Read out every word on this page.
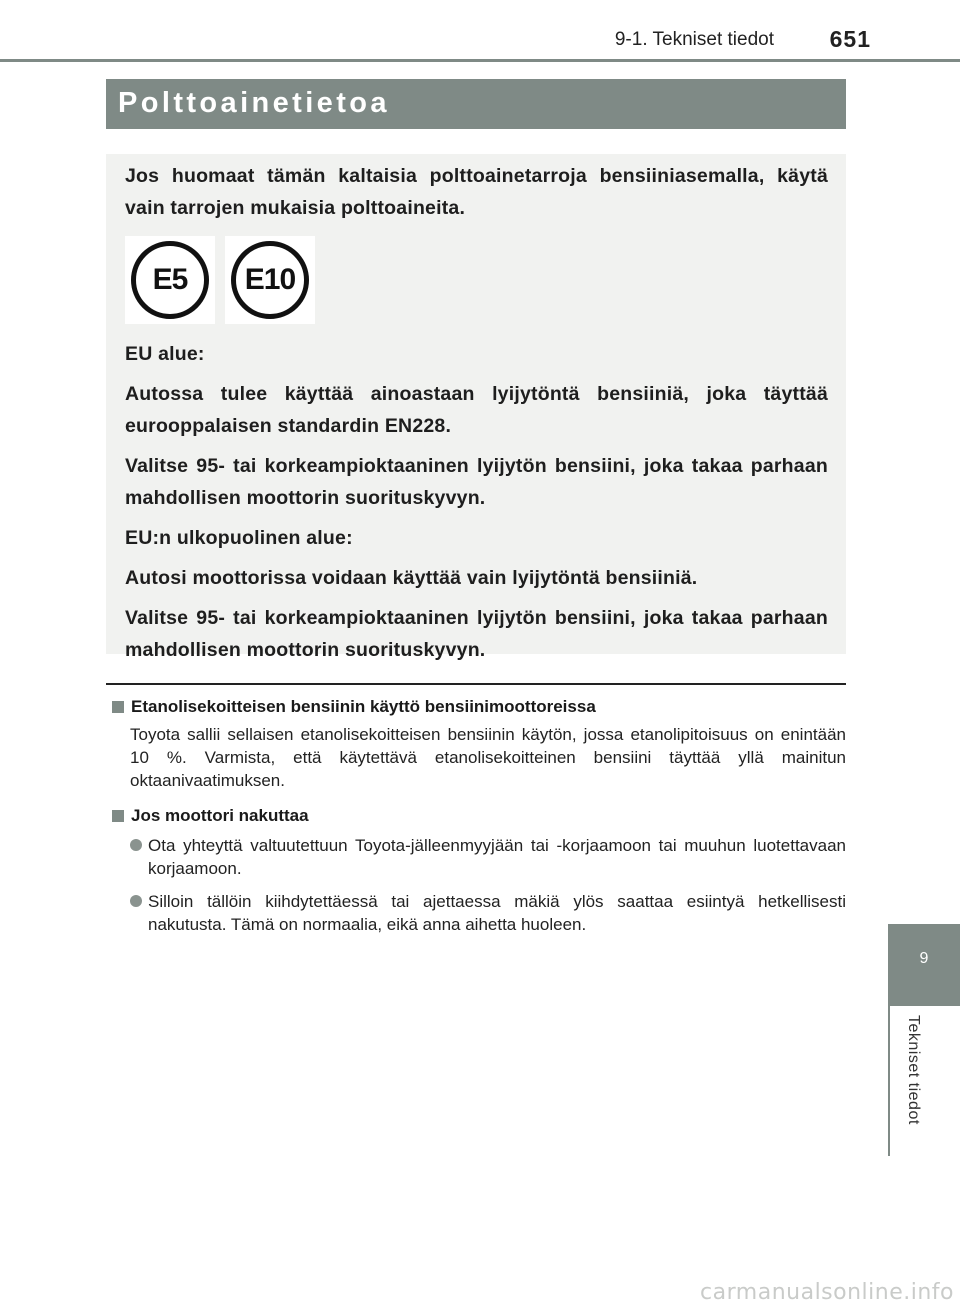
9-1. Tekniset tiedot 651
Polttoainetietoa

Jos huomaat tämän kaltaisia polttoainetarroja bensiiniasemalla, käytä vain tarrojen mukaisia polttoaineita.

E5 E10

EU alue:

Autossa tulee käyttää ainoastaan lyijytöntä bensiiniä, joka täyttää eurooppalaisen standardin EN228.

Valitse 95- tai korkeampioktaaninen lyijytön bensiini, joka takaa parhaan mahdollisen moottorin suorituskyvyn.

EU:n ulkopuolinen alue:

Autosi moottorissa voidaan käyttää vain lyijytöntä bensiiniä.

Valitse 95- tai korkeampioktaaninen lyijytön bensiini, joka takaa parhaan mahdollisen moottorin suorituskyvyn.

Etanolisekoitteisen bensiinin käyttö bensiinimoottoreissa

Toyota sallii sellaisen etanolisekoitteisen bensiinin käytön, jossa etanolipitoisuus on enintään 10 %. Varmista, että käytettävä etanolisekoitteinen bensiini täyttää yllä mainitun oktaanivaatimuksen.

Jos moottori nakuttaa
Ota yhteyttä valtuutettuun Toyota-jälleenmyyjään tai -korjaamoon tai muuhun luotettavaan korjaamoon.
Silloin tällöin kiihdytettäessä tai ajettaessa mäkiä ylös saattaa esiintyä hetkellisesti nakutusta. Tämä on normaalia, eikä anna aihetta huoleen.
9
Tekniset tiedot
carmanualsonline.info
